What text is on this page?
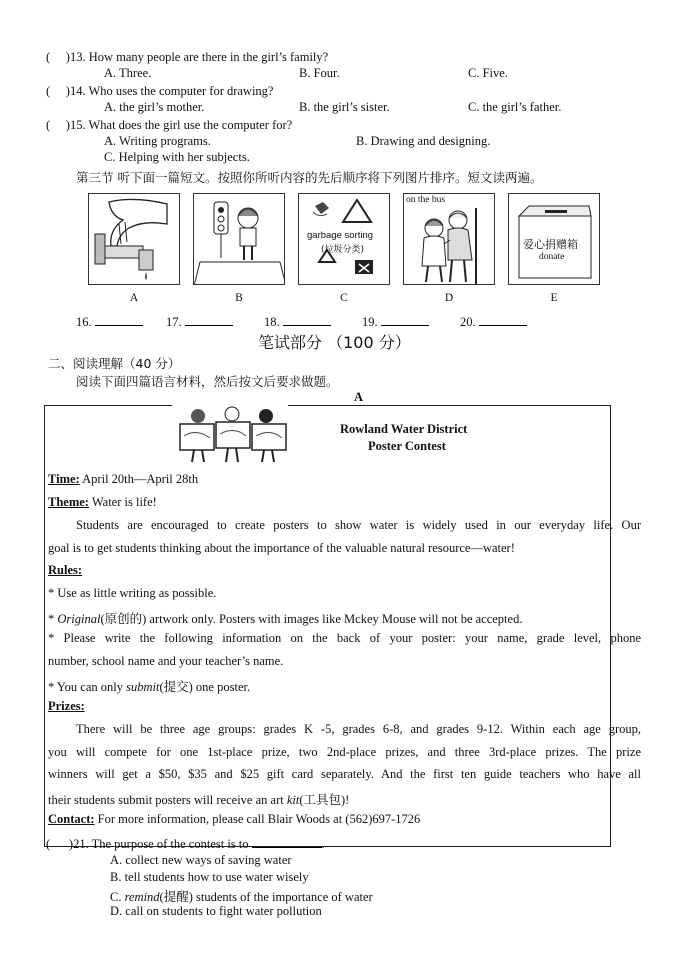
(     )13. How many people are there in the girl’s family?
A. Three.	B. Four.	C. Five.
(     )14. Who uses the computer for drawing?
A. the girl’s mother.	B. the girl’s sister.	C. the girl’s father.
(     )15. What does the girl use the computer for?
A. Writing programs.	B. Drawing and designing.
C. Helping with her subjects.
第三节 听下面一篇短文。按照你所听内容的先后顺序将下列图片排序。短文读两遍。
garbage sorting
(垃圾分类)
on the bus
爱心捐赠箱
donate
A	B	C	D	E
16.	17.	18.	19.	20.
笔试部分 （100 分）
二、阅读理解（40 分）
阅读下面四篇语言材料，然后按文后要求做题。
A
Rowland Water District
Poster Contest
Time: April 20th—April 28th
Theme: Water is life!
Students are encouraged to create posters to show water is widely used in our everyday life. Our
goal is to get students thinking about the importance of the valuable natural resource—water!
Rules:
* Use as little writing as possible.
* Original(原创的) artwork only. Posters with images like Mckey Mouse will not be accepted.
* Please write the following information on the back of your poster: your name, grade level, phone
number, school name and your teacher’s name.
* You can only submit(提交) one poster.
Prizes:
There will be three age groups: grades K -5, grades 6-8, and grades 9-12. Within each age group,
you will compete for one 1st-place prize, two 2nd-place prizes, and three 3rd-place prizes. The prize
winners will get a $50, $35 and $25 gift card separately. And the first ten guide teachers who have all
their students submit posters will receive an art kit(工具包)!
Contact: For more information, please call Blair Woods at (562)697-1726
(      )21. The purpose of the contest is to	.
A. collect new ways of saving water
B. tell students how to use water wisely
C. remind(提醒) students of the importance of water
D. call on students to fight water pollution
